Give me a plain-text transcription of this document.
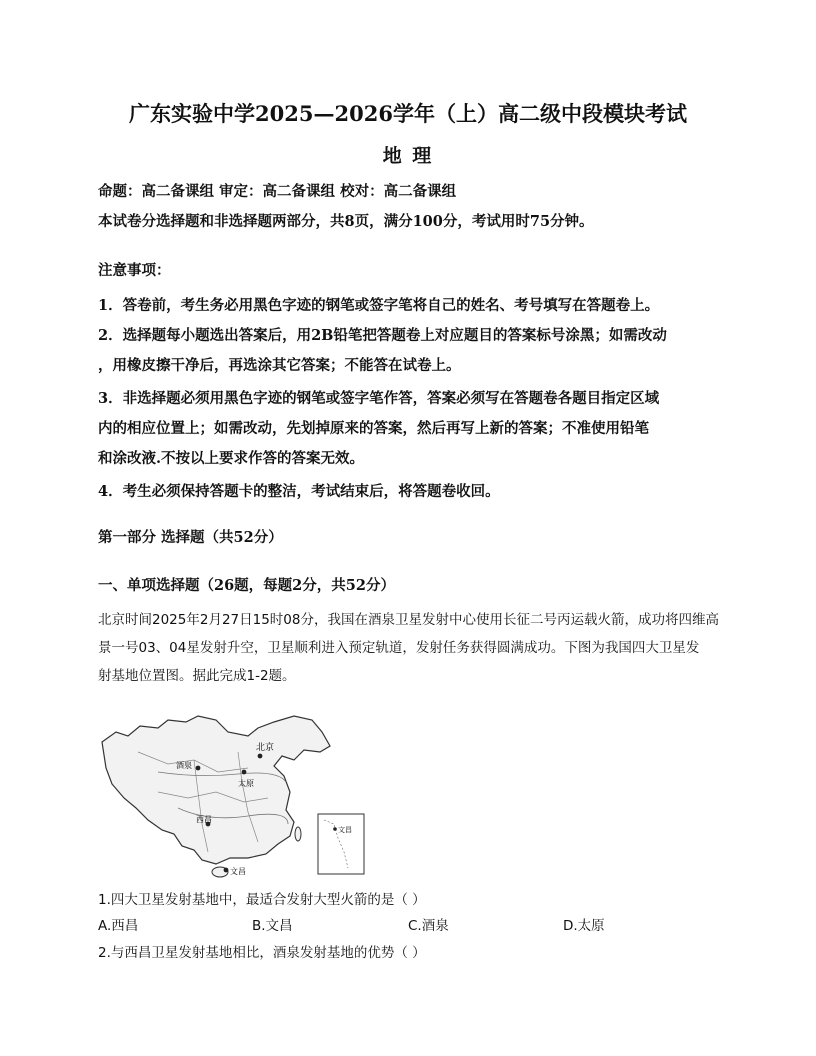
广东实验中学2025—2026学年（上）高二级中段模块考试
地 理
命题：高二备课组 审定：高二备课组 校对：高二备课组
本试卷分选择题和非选择题两部分，共8页，满分100分，考试用时75分钟。
注意事项：
1．答卷前，考生务必用黑色字迹的钢笔或签字笔将自己的姓名、考号填写在答题卷上。
2．选择题每小题选出答案后，用2B铅笔把答题卷上对应题目的答案标号涂黑；如需改动
，用橡皮擦干净后，再选涂其它答案；不能答在试卷上。
3．非选择题必须用黑色字迹的钢笔或签字笔作答，答案必须写在答题卷各题目指定区域
内的相应位置上；如需改动，先划掉原来的答案，然后再写上新的答案；不准使用铅笔
和涂改液.不按以上要求作答的答案无效。
4．考生必须保持答题卡的整洁，考试结束后，将答题卷收回。
第一部分 选择题（共52分）
一、单项选择题（26题，每题2分，共52分）
北京时间2025年2月27日15时08分，我国在酒泉卫星发射中心使用长征二号丙运载火箭，成功将四维高
景一号03、04星发射升空，卫星顺利进入预定轨道，发射任务获得圆满成功。下图为我国四大卫星发
射基地位置图。据此完成1-2题。
北京
酒泉
太原
西昌
文昌
文昌
1.四大卫星发射基地中，最适合发射大型火箭的是（ ）
A.西昌	B.文昌	C.酒泉	D.太原
2.与西昌卫星发射基地相比，酒泉发射基地的优势（ ）
